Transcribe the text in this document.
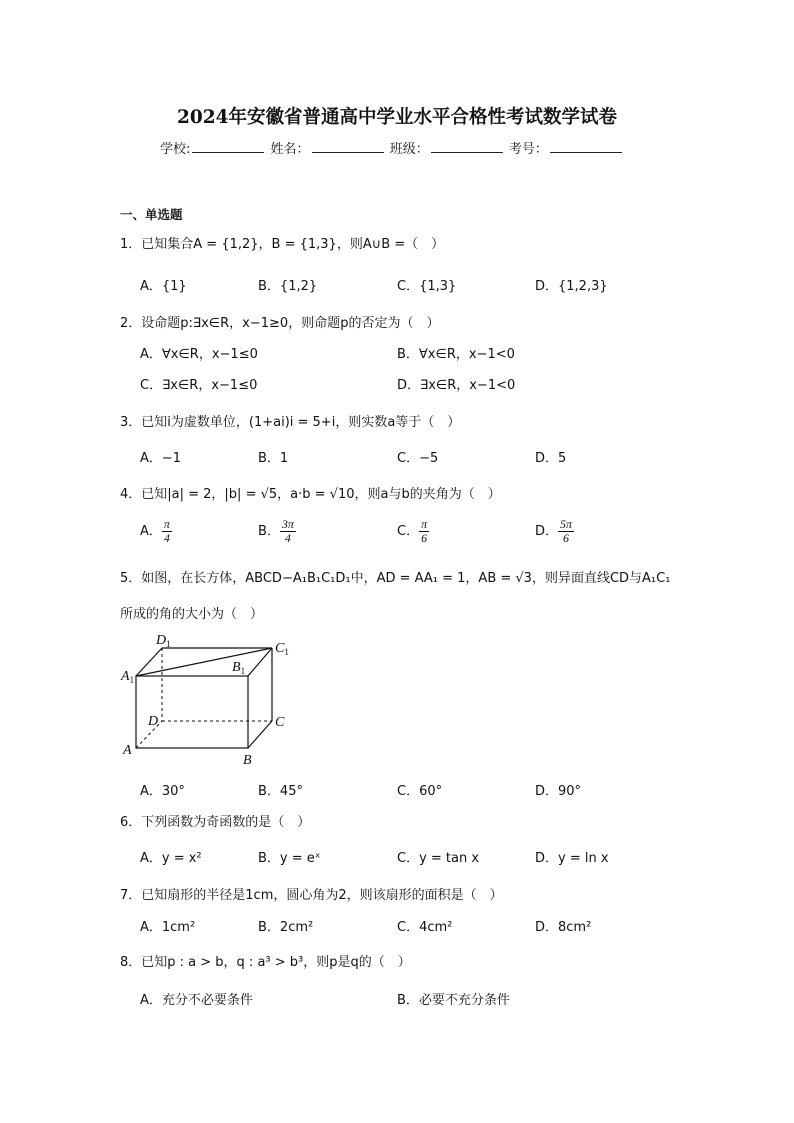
2024年安徽省普通高中学业水平合格性考试数学试卷
学校:	姓名：	班级：	考号：
一、单选题
1．已知集合A = {1,2}，B = {1,3}，则A∪B =（　）
A．{1}	B．{1,2}	C．{1,3}	D．{1,2,3}
2．设命题p:∃x∈R，x−1≥0，则命题p的否定为（　）
A．∀x∈R，x−1≤0	B．∀x∈R，x−1<0
C．∃x∈R，x−1≤0	D．∃x∈R，x−1<0
3．已知i为虚数单位，(1+ai)i = 5+i，则实数a等于（　）
A．−1	B．1	C．−5	D．5
4．已知|a| = 2，|b| = √5，a·b = √10，则a与b的夹角为（　）
A． $\frac{\pi}{4}$	B． $\frac{3\pi}{4}$	C． $\frac{\pi}{6}$	D． $\frac{5\pi}{6}$
5．如图，在长方体，ABCD−A₁B₁C₁D₁中，AD = AA₁ = 1，AB = √3，则异面直线CD与A₁C₁
所成的角的大小为（　）
$D_1$	$C_1$
$A_1$
$B_1$
D	C
A
B
A．30°	B．45°	C．60°	D．90°
6．下列函数为奇函数的是（　）
A．y = x²	B．y = eˣ	C．y = tan x	D．y = ln x
7．已知扇形的半径是1cm，圆心角为2，则该扇形的面积是（　）
A．1cm²	B．2cm²	C．4cm²	D．8cm²
8．已知p : a > b，q : a³ > b³，则p是q的（　）
A．充分不必要条件	B．必要不充分条件
